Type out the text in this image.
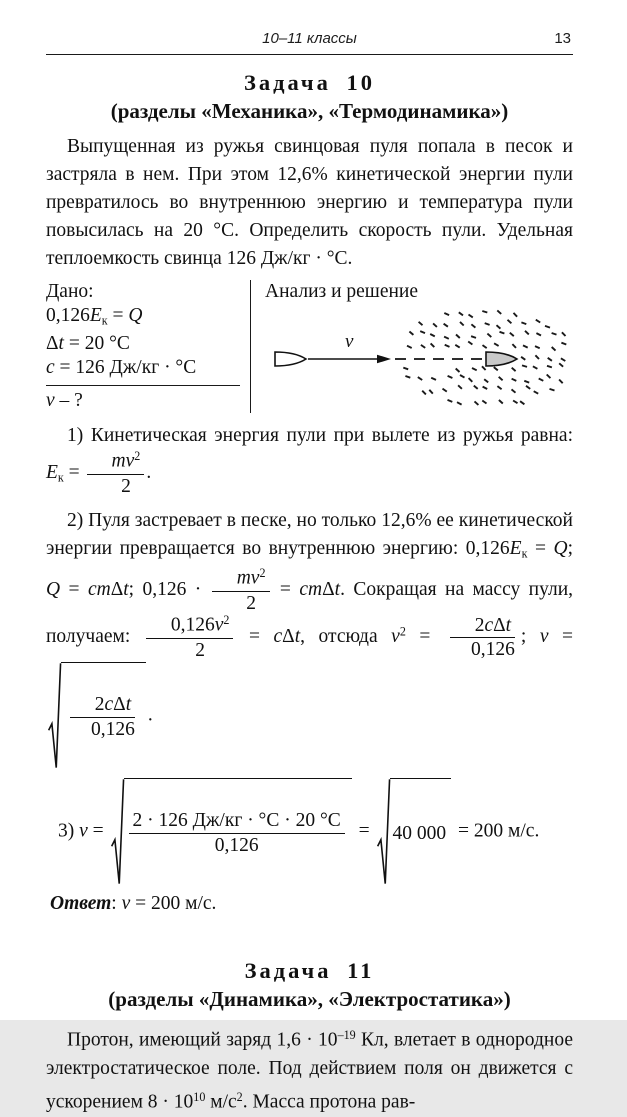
10–11 классы	13
Задача 10
(разделы «Механика», «Термодинамика»)

Выпущенная из ружья свинцовая пуля попала в песок и застряла в нем. При этом 12,6% кинетической энергии пули превратилось во внутреннюю энергию и температура пули повысилась на 20 °С. Определить скорость пули. Удельная теплоемкость свинца 126 Дж/кг · °С.

Дано:
0,126Eк = Q
Δt = 20 °С
c = 126 Дж/кг · °С
v – ?
Анализ и решение
v

1) Кинетическая энергия пули при вылете из ружья равна: Eк = $\frac{mv^2}{2}$ .

2) Пуля застревает в песке, но только 12,6% ее кинетической энергии превращается во внутреннюю энергию: 0,126Eк = Q; Q = cmΔt; $0,126 \cdot \frac{mv^2}{2} = cm\Delta t$. Сокращая на массу пули, получаем: $\frac{0,126v^2}{2} = c\Delta t$, отсюда $v^2 = \frac{\text{2cΔt}}{0,126}$ ; v =
$\frac{\text{2cΔt}}{0,126}$ .

3) $v = \frac{2 \cdot 126 Дж/кг \cdot ^\circ С \cdot 20 ^\circ С}{0,126} = 40$ 000 = 200 м/с.
Ответ: v = 200 м/с.
Задача 11
(разделы «Динамика», «Электростатика»)

Протон, имеющий заряд $1,6 \cdot 10^{-19}$ Кл, влетает в однородное электростатическое поле. Под действием поля он движется с ускорением $8 \cdot 10^{10}$ $м/с^2$. Масса протона рав-
